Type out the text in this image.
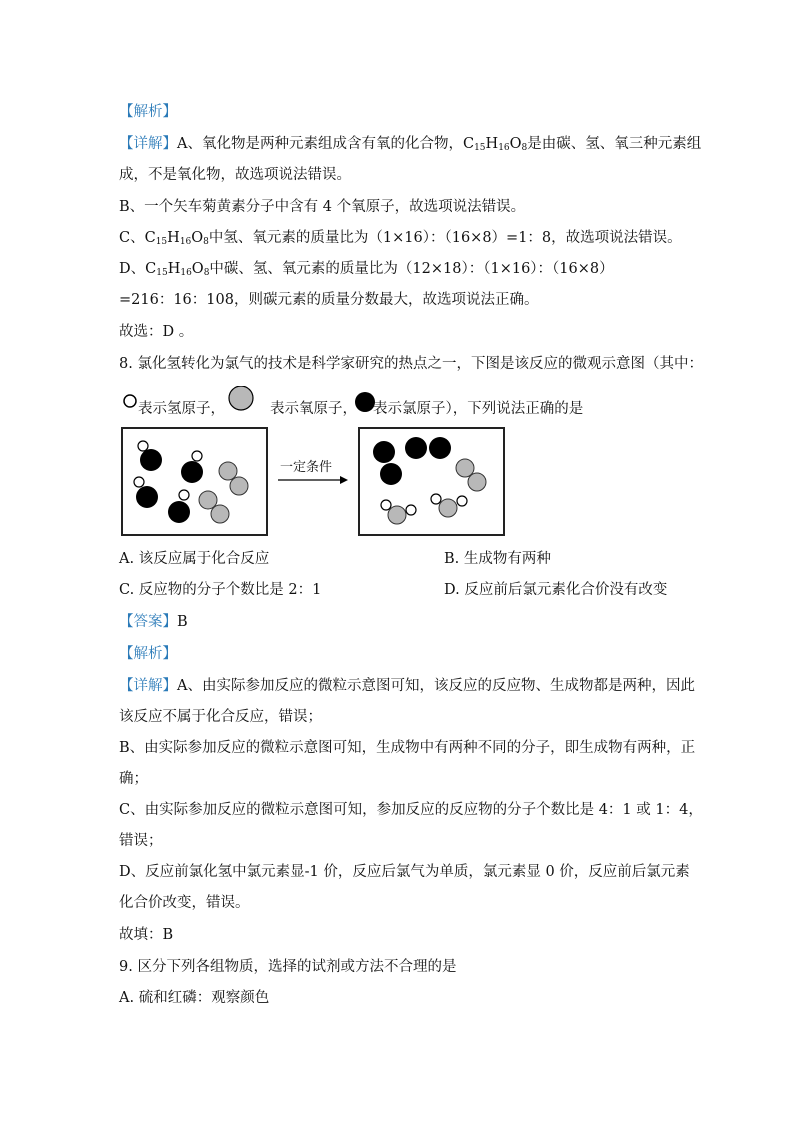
【解析】
【详解】A、氧化物是两种元素组成含有氧的化合物，$C_{15}H_{16}O_8$是由碳、氢、氧三种元素组
成，不是氧化物，故选项说法错误。
B、一个矢车菊黄素分子中含有 4 个氧原子，故选项说法错误。
C、$C_{15}H_{16}O_8$中氢、氧元素的质量比为（1×16）：（16×8）=1：8，故选项说法错误。
D、$C_{15}H_{16}O_8$中碳、氢、氧元素的质量比为（12×18）：（1×16）：（16×8）
=216：16：108，则碳元素的质量分数最大，故选项说法正确。
故选：D 。
8. 氯化氢转化为氯气的技术是科学家研究的热点之一，下图是该反应的微观示意图（其中：
表示氢原子，	表示氧原子， 表示氯原子），下列说法正确的是
一定条件
A. 该反应属于化合反应	B. 生成物有两种
C. 反应物的分子个数比是 2：1	D. 反应前后氯元素化合价没有改变
【答案】B
【解析】
【详解】A、由实际参加反应的微粒示意图可知，该反应的反应物、生成物都是两种，因此
该反应不属于化合反应，错误；
B、由实际参加反应的微粒示意图可知，生成物中有两种不同的分子，即生成物有两种，正
确；
C、由实际参加反应的微粒示意图可知，参加反应的反应物的分子个数比是 4：1 或 1：4，
错误；
D、反应前氯化氢中氯元素显-1 价，反应后氯气为单质，氯元素显 0 价，反应前后氯元素
化合价改变，错误。
故填：B
9. 区分下列各组物质，选择的试剂或方法不合理的是
A. 硫和红磷：观察颜色
